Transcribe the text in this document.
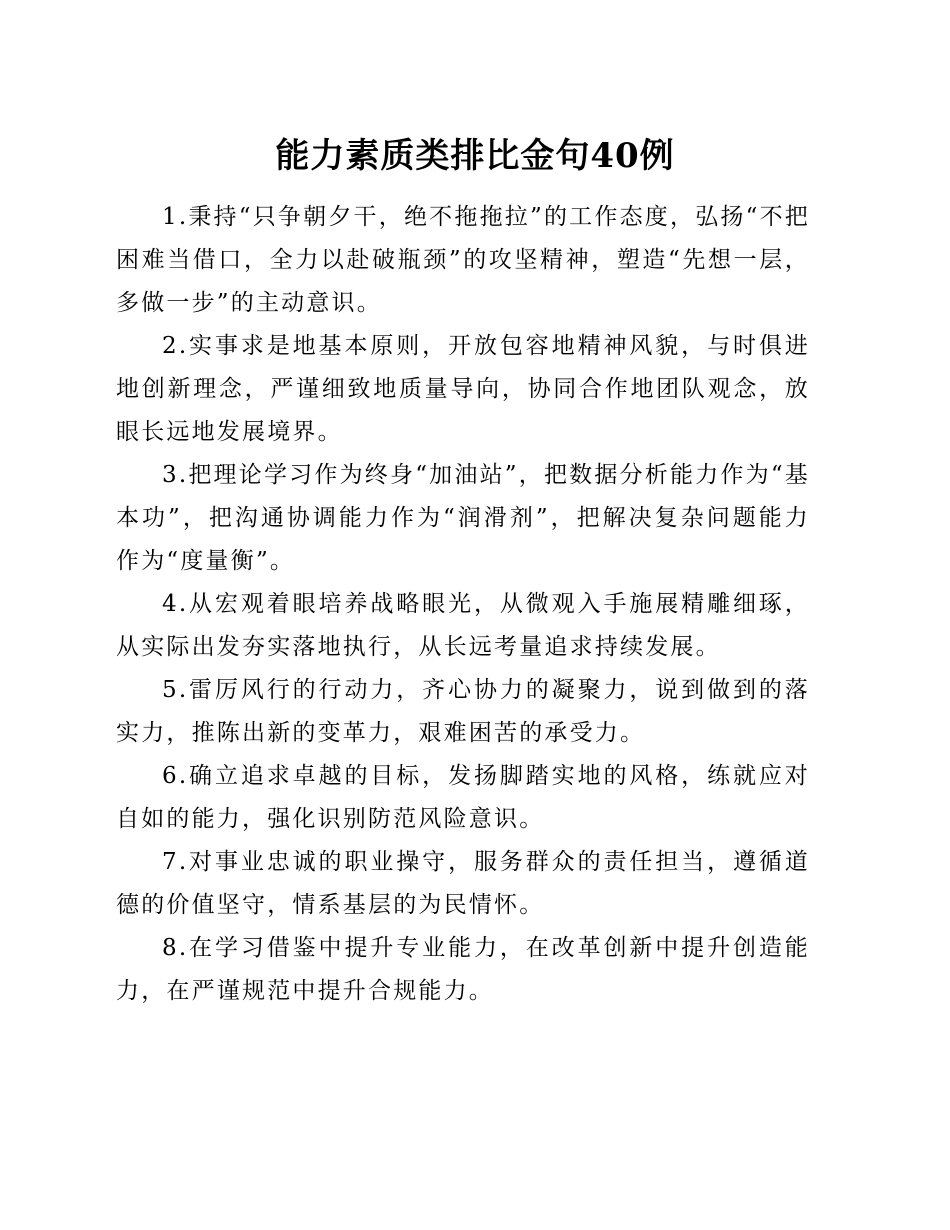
能力素质类排比金句40例

1.秉持“只争朝夕干，绝不拖拖拉”的工作态度，弘扬“不把困难当借口，全力以赴破瓶颈”的攻坚精神，塑造“先想一层，多做一步”的主动意识。

2.实事求是地基本原则，开放包容地精神风貌，与时俱进地创新理念，严谨细致地质量导向，协同合作地团队观念，放眼长远地发展境界。

3.把理论学习作为终身“加油站”，把数据分析能力作为“基本功”，把沟通协调能力作为“润滑剂”，把解决复杂问题能力作为“度量衡”。

4.从宏观着眼培养战略眼光，从微观入手施展精雕细琢，从实际出发夯实落地执行，从长远考量追求持续发展。

5.雷厉风行的行动力，齐心协力的凝聚力，说到做到的落实力，推陈出新的变革力，艰难困苦的承受力。

6.确立追求卓越的目标，发扬脚踏实地的风格，练就应对自如的能力，强化识别防范风险意识。

7.对事业忠诚的职业操守，服务群众的责任担当，遵循道德的价值坚守，情系基层的为民情怀。

8.在学习借鉴中提升专业能力，在改革创新中提升创造能力，在严谨规范中提升合规能力。
